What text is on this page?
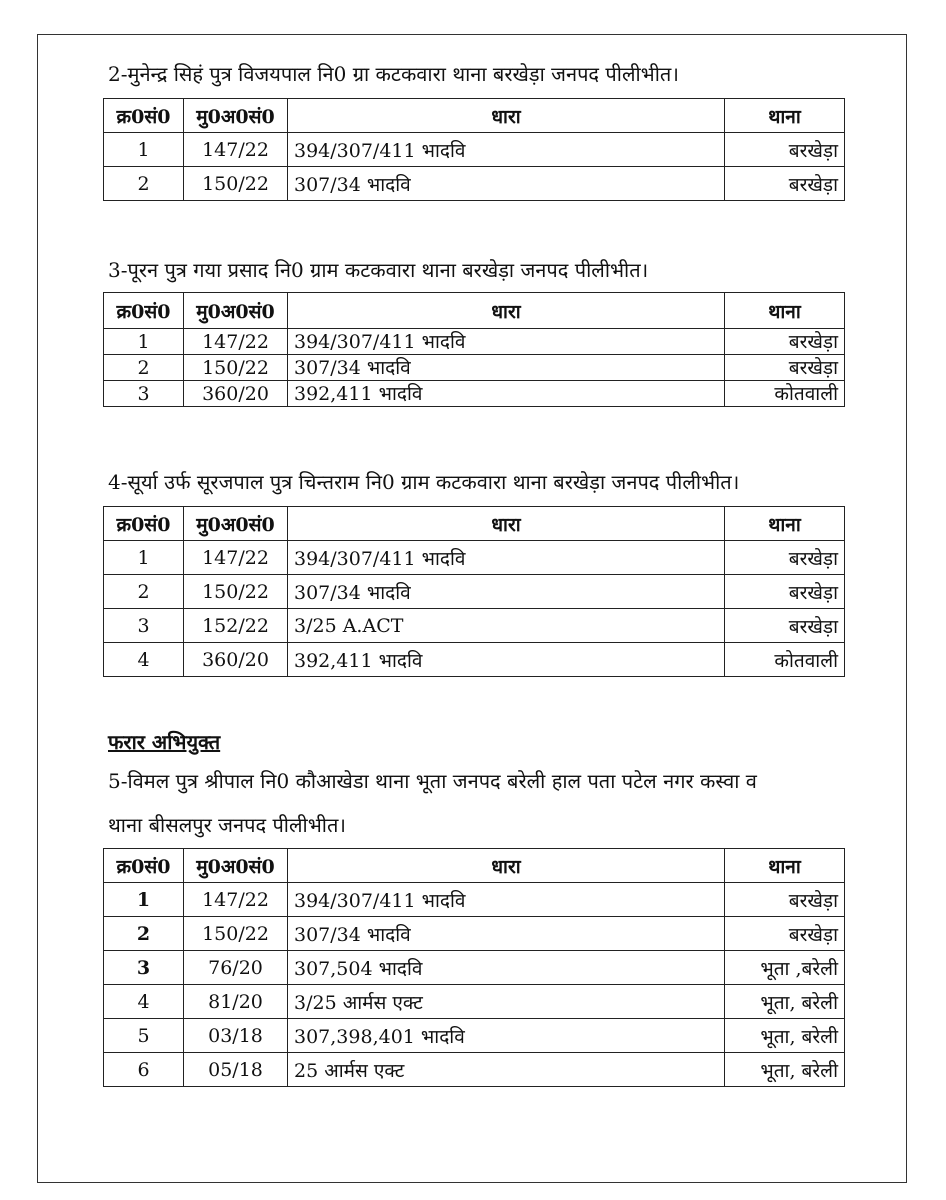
2-मुनेन्द्र सिहं पुत्र विजयपाल नि0 ग्रा कटकवारा थाना बरखेड़ा जनपद पीलीभीत।
क्र0सं0	मु0अ0सं0	धारा	थाना
1	147/22	394/307/411 भादवि	बरखेड़ा
2	150/22	307/34 भादवि	बरखेड़ा
3-पूरन पुत्र गया प्रसाद नि0 ग्राम कटकवारा थाना बरखेड़ा जनपद पीलीभीत।
क्र0सं0	मु0अ0सं0	धारा	थाना
1	147/22	394/307/411 भादवि	बरखेड़ा
2	150/22	307/34 भादवि	बरखेड़ा
3	360/20	392,411 भादवि	कोतवाली
4-सूर्या उर्फ सूरजपाल पुत्र चिन्तराम नि0 ग्राम कटकवारा थाना बरखेड़ा जनपद पीलीभीत।
क्र0सं0	मु0अ0सं0	धारा	थाना
1	147/22	394/307/411 भादवि	बरखेड़ा
2	150/22	307/34 भादवि	बरखेड़ा
3	152/22	3/25 A.ACT	बरखेड़ा
4	360/20	392,411 भादवि	कोतवाली
फरार अभियुक्त
5-विमल पुत्र श्रीपाल नि0 कौआखेडा थाना भूता जनपद बरेली हाल पता पटेल नगर कस्वा व
थाना बीसलपुर जनपद पीलीभीत।
क्र0सं0	मु0अ0सं0	धारा	थाना
1	147/22	394/307/411 भादवि	बरखेड़ा
2	150/22	307/34 भादवि	बरखेड़ा
3	76/20	307,504 भादवि	भूता ,बरेली
4	81/20	3/25 आर्मस एक्ट	भूता, बरेली
5	03/18	307,398,401 भादवि	भूता, बरेली
6	05/18	25 आर्मस एक्ट	भूता, बरेली
